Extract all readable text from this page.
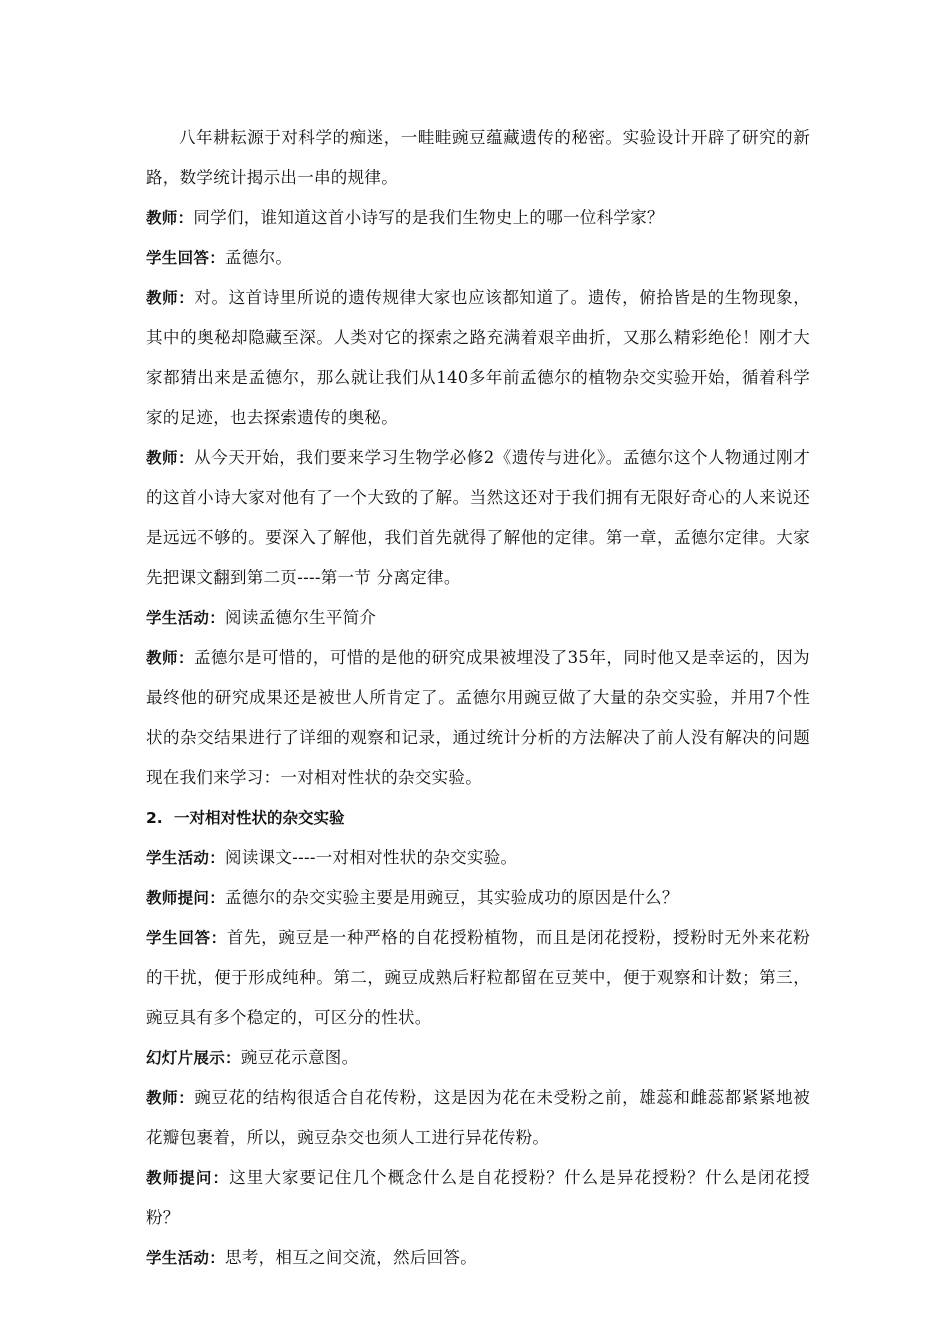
八年耕耘源于对科学的痴迷，一畦畦豌豆蕴藏遗传的秘密。实验设计开辟了研究的新路，数学统计揭示出一串的规律。

教师：同学们，谁知道这首小诗写的是我们生物史上的哪一位科学家？

学生回答：孟德尔。

教师：对。这首诗里所说的遗传规律大家也应该都知道了。遗传，俯拾皆是的生物现象，其中的奥秘却隐藏至深。人类对它的探索之路充满着艰辛曲折，又那么精彩绝伦！刚才大家都猜出来是孟德尔，那么就让我们从140多年前孟德尔的植物杂交实验开始，循着科学家的足迹，也去探索遗传的奥秘。

教师：从今天开始，我们要来学习生物学必修2《遗传与进化》。孟德尔这个人物通过刚才的这首小诗大家对他有了一个大致的了解。当然这还对于我们拥有无限好奇心的人来说还是远远不够的。要深入了解他，我们首先就得了解他的定律。第一章，孟德尔定律。大家先把课文翻到第二页----第一节 分离定律。

学生活动：阅读孟德尔生平简介

教师：孟德尔是可惜的，可惜的是他的研究成果被埋没了35年，同时他又是幸运的，因为最终他的研究成果还是被世人所肯定了。孟德尔用豌豆做了大量的杂交实验，并用7个性状的杂交结果进行了详细的观察和记录，通过统计分析的方法解决了前人没有解决的问题现在我们来学习：一对相对性状的杂交实验。

2. 一对相对性状的杂交实验

学生活动：阅读课文----一对相对性状的杂交实验。

教师提问：孟德尔的杂交实验主要是用豌豆，其实验成功的原因是什么？

学生回答：首先，豌豆是一种严格的自花授粉植物，而且是闭花授粉，授粉时无外来花粉的干扰，便于形成纯种。第二，豌豆成熟后籽粒都留在豆荚中，便于观察和计数；第三，豌豆具有多个稳定的，可区分的性状。

幻灯片展示：豌豆花示意图。

教师：豌豆花的结构很适合自花传粉，这是因为花在未受粉之前，雄蕊和雌蕊都紧紧地被花瓣包裹着，所以，豌豆杂交也须人工进行异花传粉。

教师提问：这里大家要记住几个概念什么是自花授粉？什么是异花授粉？什么是闭花授粉？

学生活动：思考，相互之间交流，然后回答。
